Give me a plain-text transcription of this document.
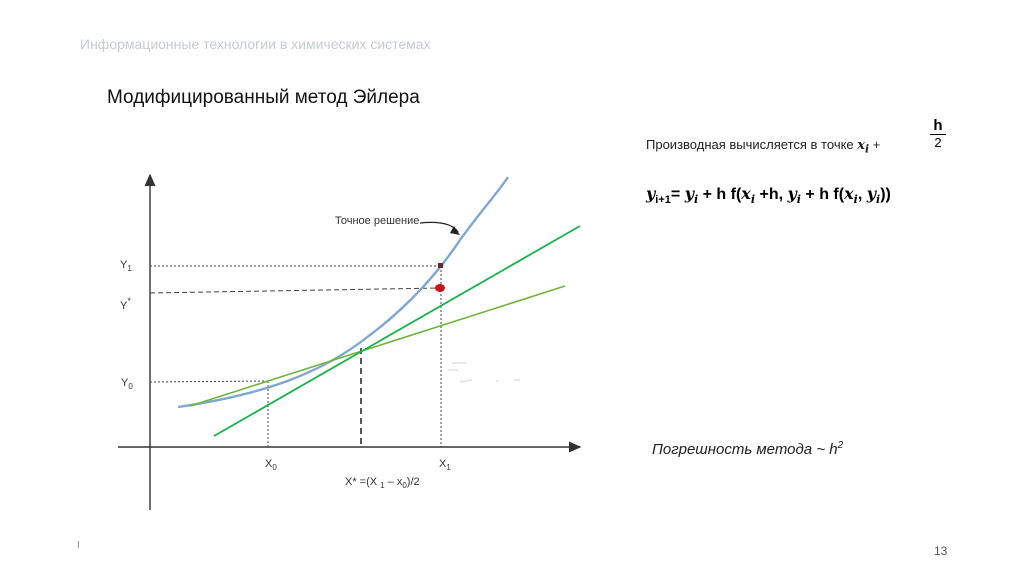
Информационные технологии в химических системах
Модифицированный метод Эйлера
Производная вычисляется в точке $x_i$ +
h
2
$y_{i+1}= y_i + h$ $f(x_i +h$, $y_i + h$ $f(x_i$, $y_i$))
Точное решение
$Y_1$
Y*
$Y_0$
$X_0$	$X_1$
X* =(X $_1 - x_0)/2$
Погрешность метода ~ $h^2$
I	13
